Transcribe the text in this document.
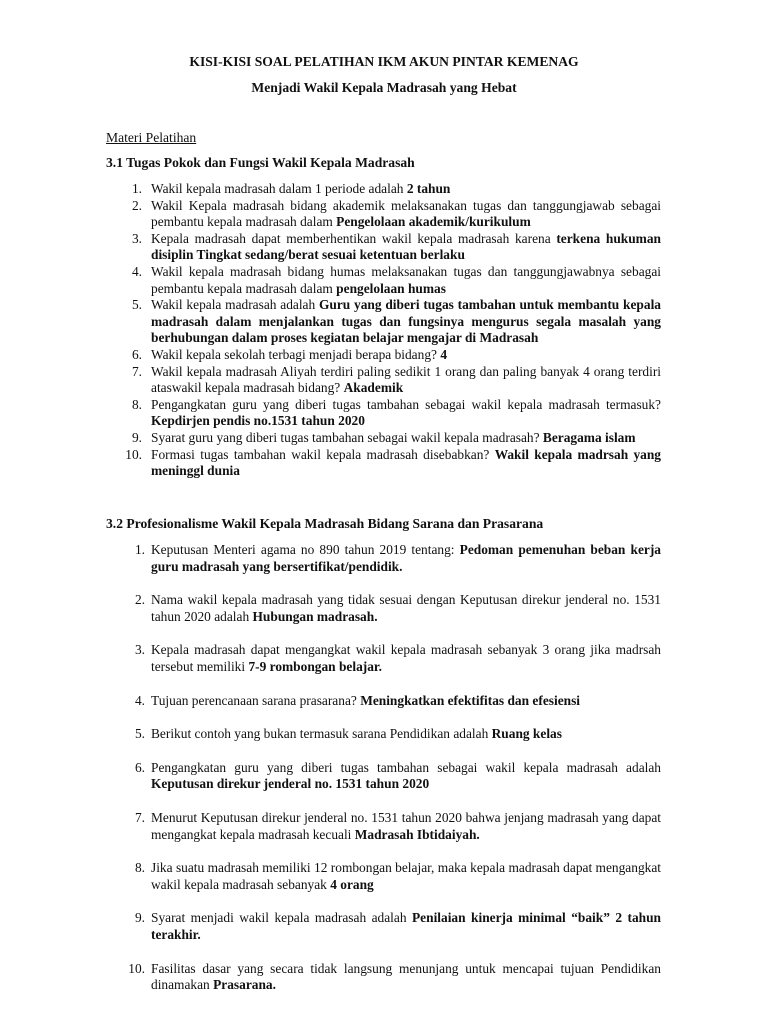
KISI-KISI SOAL PELATIHAN IKM AKUN PINTAR KEMENAG
Menjadi Wakil Kepala Madrasah yang Hebat
Materi Pelatihan
3.1 Tugas Pokok dan Fungsi Wakil Kepala Madrasah
1. Wakil kepala madrasah dalam 1 periode adalah 2 tahun
2. Wakil Kepala madrasah bidang akademik melaksanakan tugas dan tanggungjawab sebagai pembantu kepala madrasah dalam Pengelolaan akademik/kurikulum
3. Kepala madrasah dapat memberhentikan wakil kepala madrasah karena terkena hukuman disiplin Tingkat sedang/berat sesuai ketentuan berlaku
4. Wakil kepala madrasah bidang humas melaksanakan tugas dan tanggungjawabnya sebagai pembantu kepala madrasah dalam pengelolaan humas
5. Wakil kepala madrasah adalah Guru yang diberi tugas tambahan untuk membantu kepala madrasah dalam menjalankan tugas dan fungsinya mengurus segala masalah yang berhubungan dalam proses kegiatan belajar mengajar di Madrasah
6. Wakil kepala sekolah terbagi menjadi berapa bidang? 4
7. Wakil kepala madrasah Aliyah terdiri paling sedikit 1 orang dan paling banyak 4 orang terdiri ataswakil kepala madrasah bidang? Akademik
8. Pengangkatan guru yang diberi tugas tambahan sebagai wakil kepala madrasah termasuk? Kepdirjen pendis no.1531 tahun 2020
9. Syarat guru yang diberi tugas tambahan sebagai wakil kepala madrasah? Beragama islam
10. Formasi tugas tambahan wakil kepala madrasah disebabkan? Wakil kepala madrsah yang meninggl dunia
3.2 Profesionalisme Wakil Kepala Madrasah Bidang Sarana dan Prasarana
1. Keputusan Menteri agama no 890 tahun 2019 tentang: Pedoman pemenuhan beban kerja guru madrasah yang bersertifikat/pendidik.
2. Nama wakil kepala madrasah yang tidak sesuai dengan Keputusan direkur jenderal no. 1531 tahun 2020 adalah Hubungan madrasah.
3. Kepala madrasah dapat mengangkat wakil kepala madrasah sebanyak 3 orang jika madrsah tersebut memiliki 7-9 rombongan belajar.
4. Tujuan perencanaan sarana prasarana? Meningkatkan efektifitas dan efesiensi
5. Berikut contoh yang bukan termasuk sarana Pendidikan adalah Ruang kelas
6. Pengangkatan guru yang diberi tugas tambahan sebagai wakil kepala madrasah adalah Keputusan direkur jenderal no. 1531 tahun 2020
7. Menurut Keputusan direkur jenderal no. 1531 tahun 2020 bahwa jenjang madrasah yang dapat mengangkat kepala madrasah kecuali Madrasah Ibtidaiyah.
8. Jika suatu madrasah memiliki 12 rombongan belajar, maka kepala madrasah dapat mengangkat wakil kepala madrasah sebanyak 4 orang
9. Syarat menjadi wakil kepala madrasah adalah Penilaian kinerja minimal “baik” 2 tahun terakhir.
10. Fasilitas dasar yang secara tidak langsung menunjang untuk mencapai tujuan Pendidikan dinamakan Prasarana.
